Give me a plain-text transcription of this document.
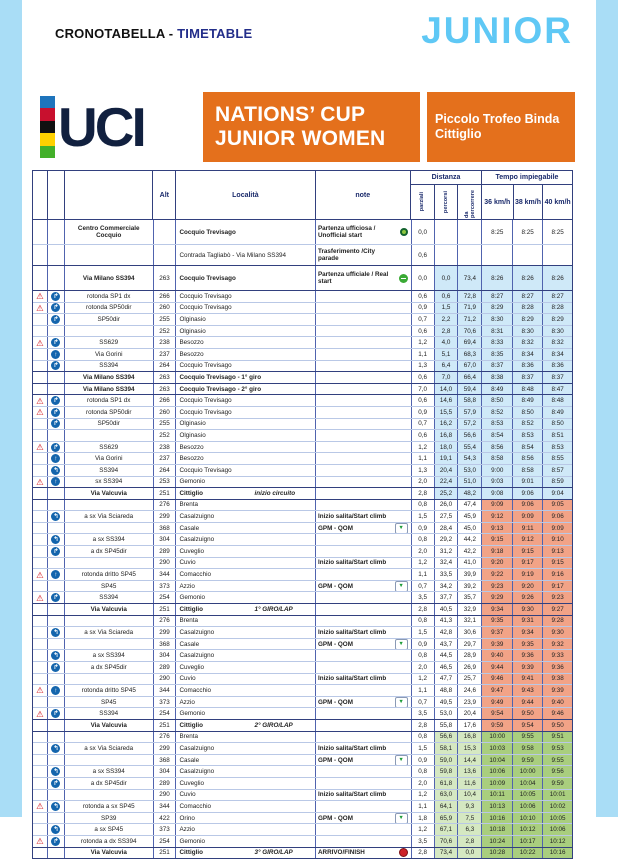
CRONOTABELLA - TIMETABLE	JUNIOR
UCI	NATIONS’ CUP
JUNIOR WOMEN
Piccolo Trofeo Binda
Cittiglio
Alt	Località	note
Distanza
parziali	percorsi
da percorrere
Tempo impiegabile
36 km/h 38 km/h 40 km/h
Centro Commerciale Cocquio	Cocquio Trevisago	Partenza ufficiosa / Unofficial start	0,0	8:25	8:25	8:25
Contrada Tagliabò - Via Milano SS394	Trasferimento /City parade	0,6
Via Milano SS394	263	Cocquio Trevisago	Partenza ufficiale / Real start	0,0	0,0	73,4	8:26	8:26	8:26
⚠ ↱	rotonda SP1 dx	266	Cocquio Trevisago	0,6	0,6	72,8	8:27	8:27	8:27
⚠ ↱	rotonda SP50dir	260	Cocquio Trevisago	0,9	1,5	71,9	8:29	8:28	8:28
↱	SP50dir	255	Olginasio	0,7	2,2	71,2	8:30	8:29	8:29
252	Olginasio	0,6	2,8	70,6	8:31	8:30	8:30
⚠ ↱	SS629	238	Besozzo	1,2	4,0	69,4	8:33	8:32	8:32
↑	Via Gorini	237	Besozzo	1,1	5,1	68,3	8:35	8:34	8:34
↱	SS394	264	Cocquio Trevisago	1,3	6,4	67,0	8:37	8:36	8:36
Via Milano SS394	263	Cocquio Trevisago - 1° giro	0,6	7,0	66,4	8:38	8:37	8:37
Via Milano SS394	263	Cocquio Trevisago - 2° giro	7,0	14,0	59,4	8:49	8:48	8:47
⚠ ↱	rotonda SP1 dx	266	Cocquio Trevisago	0,6	14,6	58,8	8:50	8:49	8:48
⚠ ↱	rotonda SP50dir	260	Cocquio Trevisago	0,9	15,5	57,9	8:52	8:50	8:49
↱	SP50dir	255	Olginasio	0,7	16,2	57,2	8:53	8:52	8:50
252	Olginasio	0,6	16,8	56,6	8:54	8:53	8:51
⚠ ↱	SS629	238	Besozzo	1,2	18,0	55,4	8:56	8:54	8:53
↑	Via Gorini	237	Besozzo	1,1	19,1	54,3	8:58	8:56	8:55
↰	SS394	264	Cocquio Trevisago	1,3	20,4	53,0	9:00	8:58	8:57
⚠	↑	sx SS394	253	Gemonio	2,0	22,4	51,0	9:03	9:01	8:59
Via Valcuvia	251	Cittiglio	inizio circuito	2,8	25,2	48,2	9:08	9:06	9:04
276	Brenta	0,8	26,0	47,4	9:09	9:06	9:05
↰	a sx Via Sciareda	299	Casalzuigno	Inizio salita/Start climb	1,5	27,5	45,9	9:12	9:09	9:06
368	Casale	GPM - QOM	▼	0,9	28,4	45,0	9:13	9:11	9:09
↰	a sx SS394	304	Casalzuigno	0,8	29,2	44,2	9:15	9:12	9:10
↱	a dx SP45dir	289	Cuveglio	2,0	31,2	42,2	9:18	9:15	9:13
290	Cuvio	Inizio salita/Start climb	1,2	32,4	41,0	9:20	9:17	9:15
⚠	↑	rotonda dritto SP45	344	Comacchio	1,1	33,5	39,9	9:22	9:19	9:16
SP45	373	Azzio	GPM - QOM	▼	0,7	34,2	39,2	9:23	9:20	9:17
⚠ ↱	SS394	254	Gemonio	3,5	37,7	35,7	9:29	9:26	9:23
Via Valcuvia	251	Cittiglio	1° GIRO/LAP	2,8	40,5	32,9	9:34	9:30	9:27
276	Brenta	0,8	41,3	32,1	9:35	9:31	9:28
↰	a sx Via Sciareda	299	Casalzuigno	Inizio salita/Start climb	1,5	42,8	30,6	9:37	9:34	9:30
368	Casale	GPM - QOM	▼	0,9	43,7	29,7	9:39	9:35	9:32
↰	a sx SS394	304	Casalzuigno	0,8	44,5	28,9	9:40	9:36	9:33
↱	a dx SP45dir	289	Cuveglio	2,0	46,5	26,9	9:44	9:39	9:36
290	Cuvio	Inizio salita/Start climb	1,2	47,7	25,7	9:46	9:41	9:38
⚠	↑	rotonda dritto SP45	344	Comacchio	1,1	48,8	24,6	9:47	9:43	9:39
SP45	373	Azzio	GPM - QOM	▼	0,7	49,5	23,9	9:49	9:44	9:40
⚠ ↱	SS394	254	Gemonio	3,5	53,0	20,4	9:54	9:50	9:46
Via Valcuvia	251	Cittiglio	2° GIRO/LAP	2,8	55,8	17,6	9:59	9:54	9:50
276	Brenta	0,8	56,6	16,8	10:00	9:55	9:51
↰	a sx Via Sciareda	299	Casalzuigno	Inizio salita/Start climb	1,5	58,1	15,3	10:03	9:58	9:53
368	Casale	GPM - QOM	▼	0,9	59,0	14,4	10:04	9:59	9:55
↰	a sx SS394	304	Casalzuigno	0,8	59,8	13,6	10:06	10:00	9:56
↱	a dx SP45dir	289	Cuveglio	2,0	61,8	11,6	10:09	10:04	9:59
290	Cuvio	Inizio salita/Start climb	1,2	63,0	10,4	10:11	10:05	10:01
⚠ ↰	rotonda a sx SP45	344	Comacchio	1,1	64,1	9,3	10:13	10:06	10:02
SP39	422	Orino	GPM - QOM	▼	1,8	65,9	7,5	10:16	10:10	10:05
↰	a sx SP45	373	Azzio	1,2	67,1	6,3	10:18	10:12	10:06
⚠ ↱	rotonda a dx SS394	254	Gemonio	3,5	70,6	2,8	10:24	10:17	10:12
Via Valcuvia	251	Cittiglio	3° GIRO/LAP	ARRIVO/FINISH	2,8	73,4	0,0	10:28	10:22	10:16
